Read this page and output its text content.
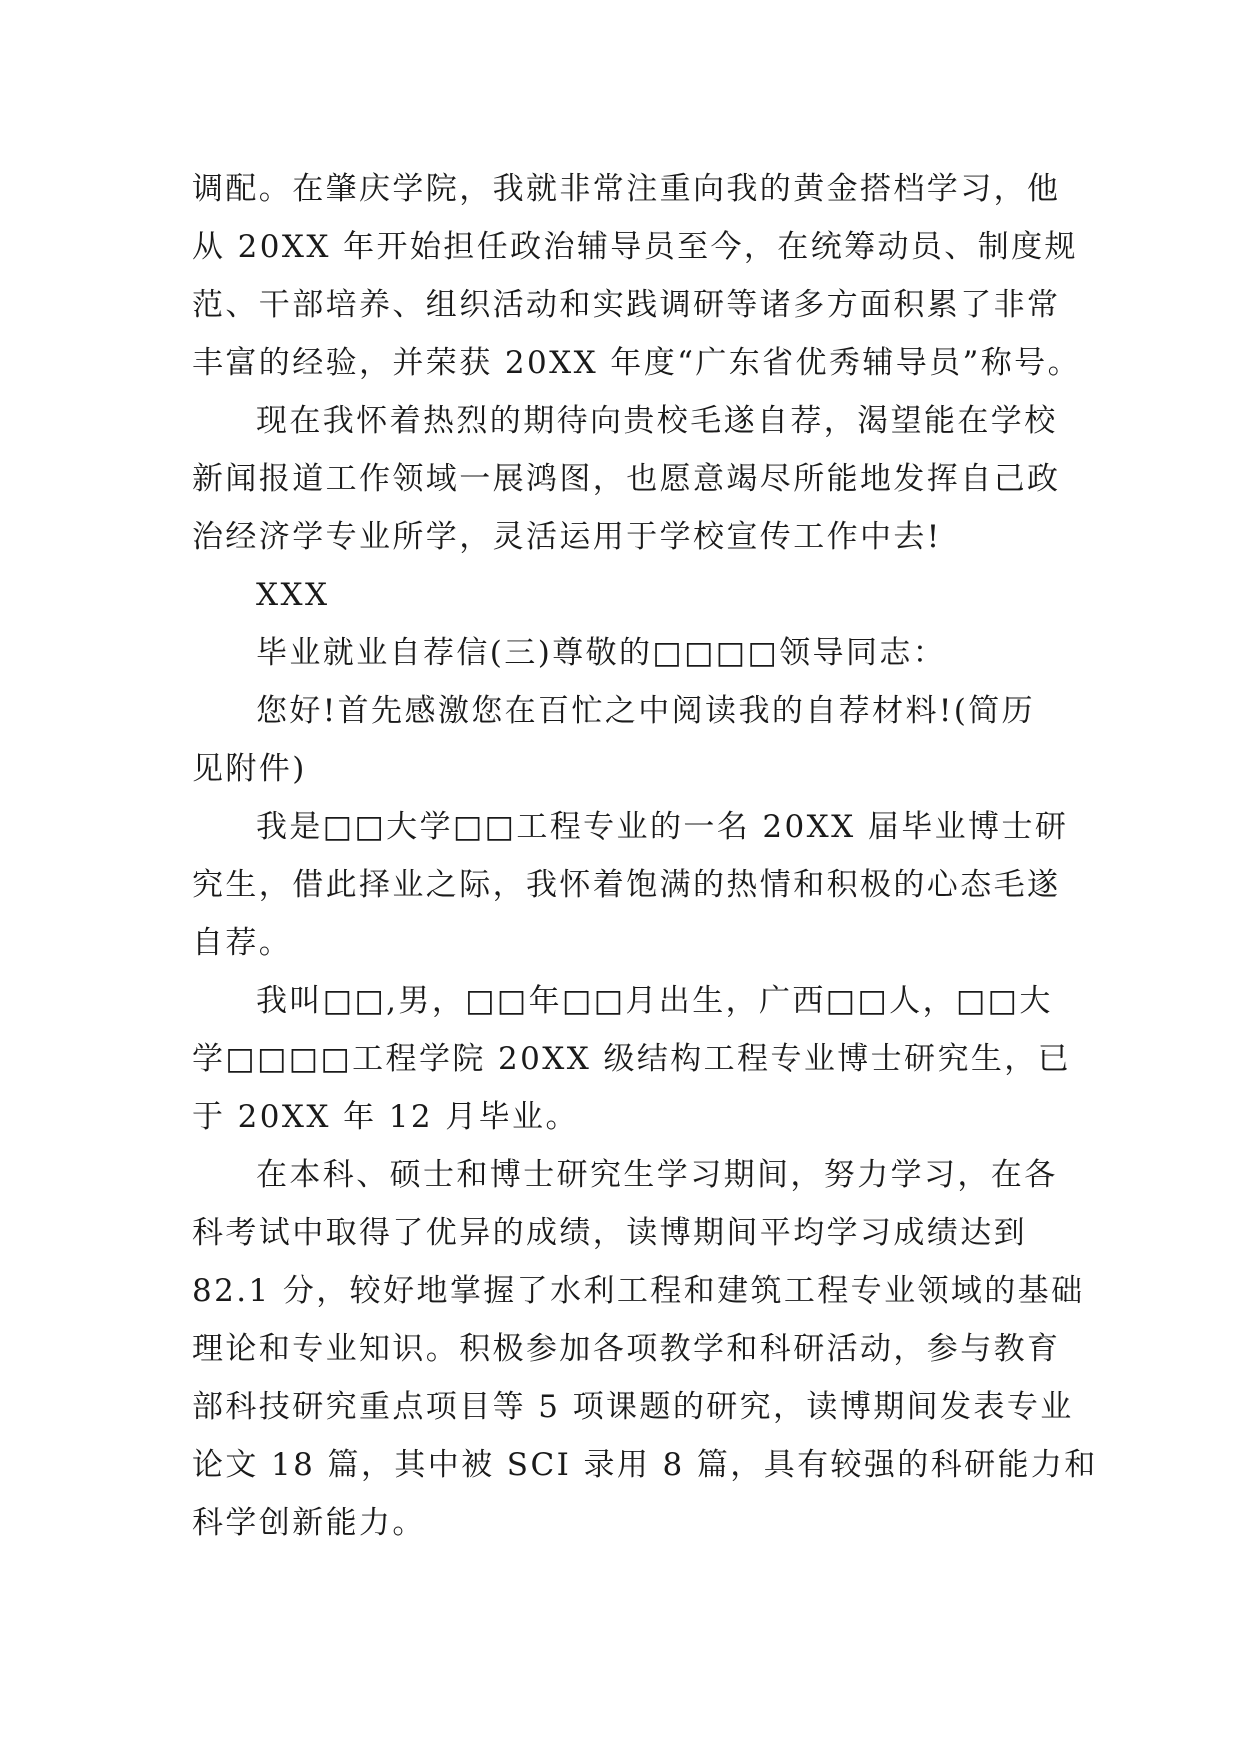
调配。在肇庆学院，我就非常注重向我的黄金搭档学习，他
从 20XX 年开始担任政治辅导员至今，在统筹动员、制度规
范、干部培养、组织活动和实践调研等诸多方面积累了非常
丰富的经验，并荣获 20XX 年度“广东省优秀辅导员”称号。
现在我怀着热烈的期待向贵校毛遂自荐，渴望能在学校
新闻报道工作领域一展鸿图，也愿意竭尽所能地发挥自己政
治经济学专业所学，灵活运用于学校宣传工作中去!
XXX
毕业就业自荐信(三)尊敬的□□□□领导同志：
您好!首先感激您在百忙之中阅读我的自荐材料!(简历
见附件)
我是□□大学□□工程专业的一名 20XX 届毕业博士研
究生，借此择业之际，我怀着饱满的热情和积极的心态毛遂
自荐。
我叫□□,男，□□年□□月出生，广西□□人，□□大
学□□□□工程学院 20XX 级结构工程专业博士研究生，已
于 20XX 年 12 月毕业。
在本科、硕士和博士研究生学习期间，努力学习，在各
科考试中取得了优异的成绩，读博期间平均学习成绩达到
82.1 分，较好地掌握了水利工程和建筑工程专业领域的基础
理论和专业知识。积极参加各项教学和科研活动，参与教育
部科技研究重点项目等 5 项课题的研究，读博期间发表专业
论文 18 篇，其中被 SCI 录用 8 篇，具有较强的科研能力和
科学创新能力。
